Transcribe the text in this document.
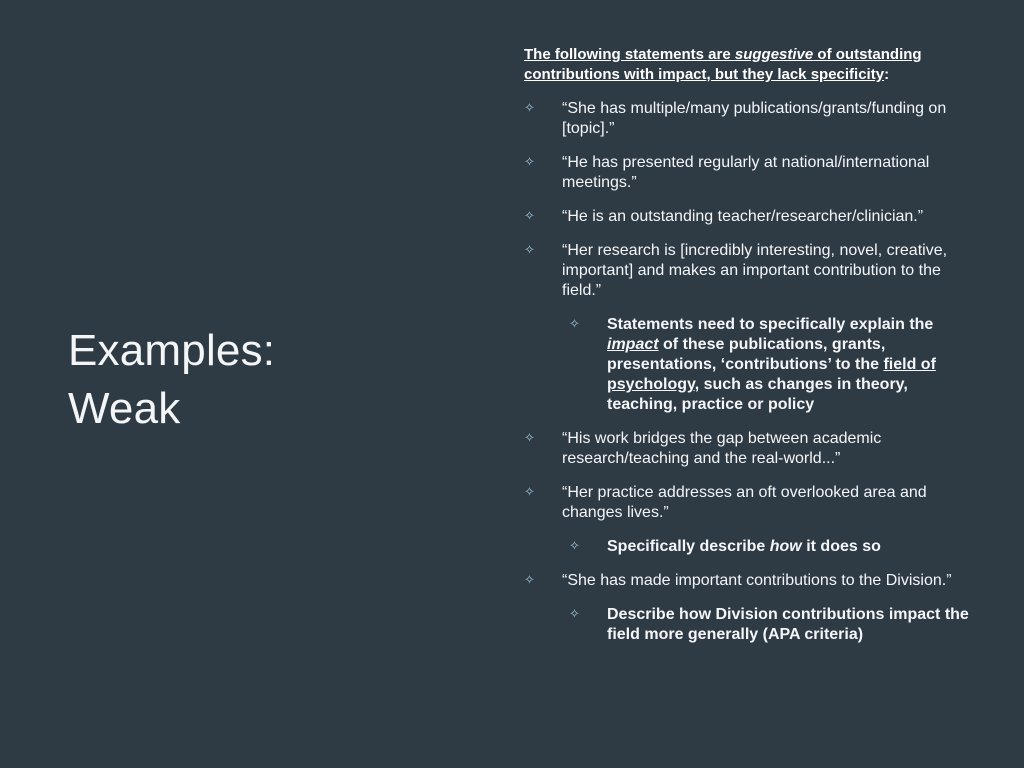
Examples:
Weak
The following statements are suggestive of outstanding contributions with impact, but they lack specificity:
✧	“She has multiple/many publications/grants/funding on [topic].”
✧	“He has presented regularly at national/international meetings.”
✧	“He is an outstanding teacher/researcher/clinician.”
✧	“Her research is [incredibly interesting, novel, creative, important] and makes an important contribution to the field.”
✧	Statements need to specifically explain the impact of these publications, grants, presentations, ‘contributions’ to the field of psychology, such as changes in theory, teaching, practice or policy
✧	“His work bridges the gap between academic research/teaching and the real-world...”
✧	“Her practice addresses an oft overlooked area and changes lives.”
✧	Specifically describe how it does so
✧	“She has made important contributions to the Division.”
✧	Describe how Division contributions impact the field more generally (APA criteria)
